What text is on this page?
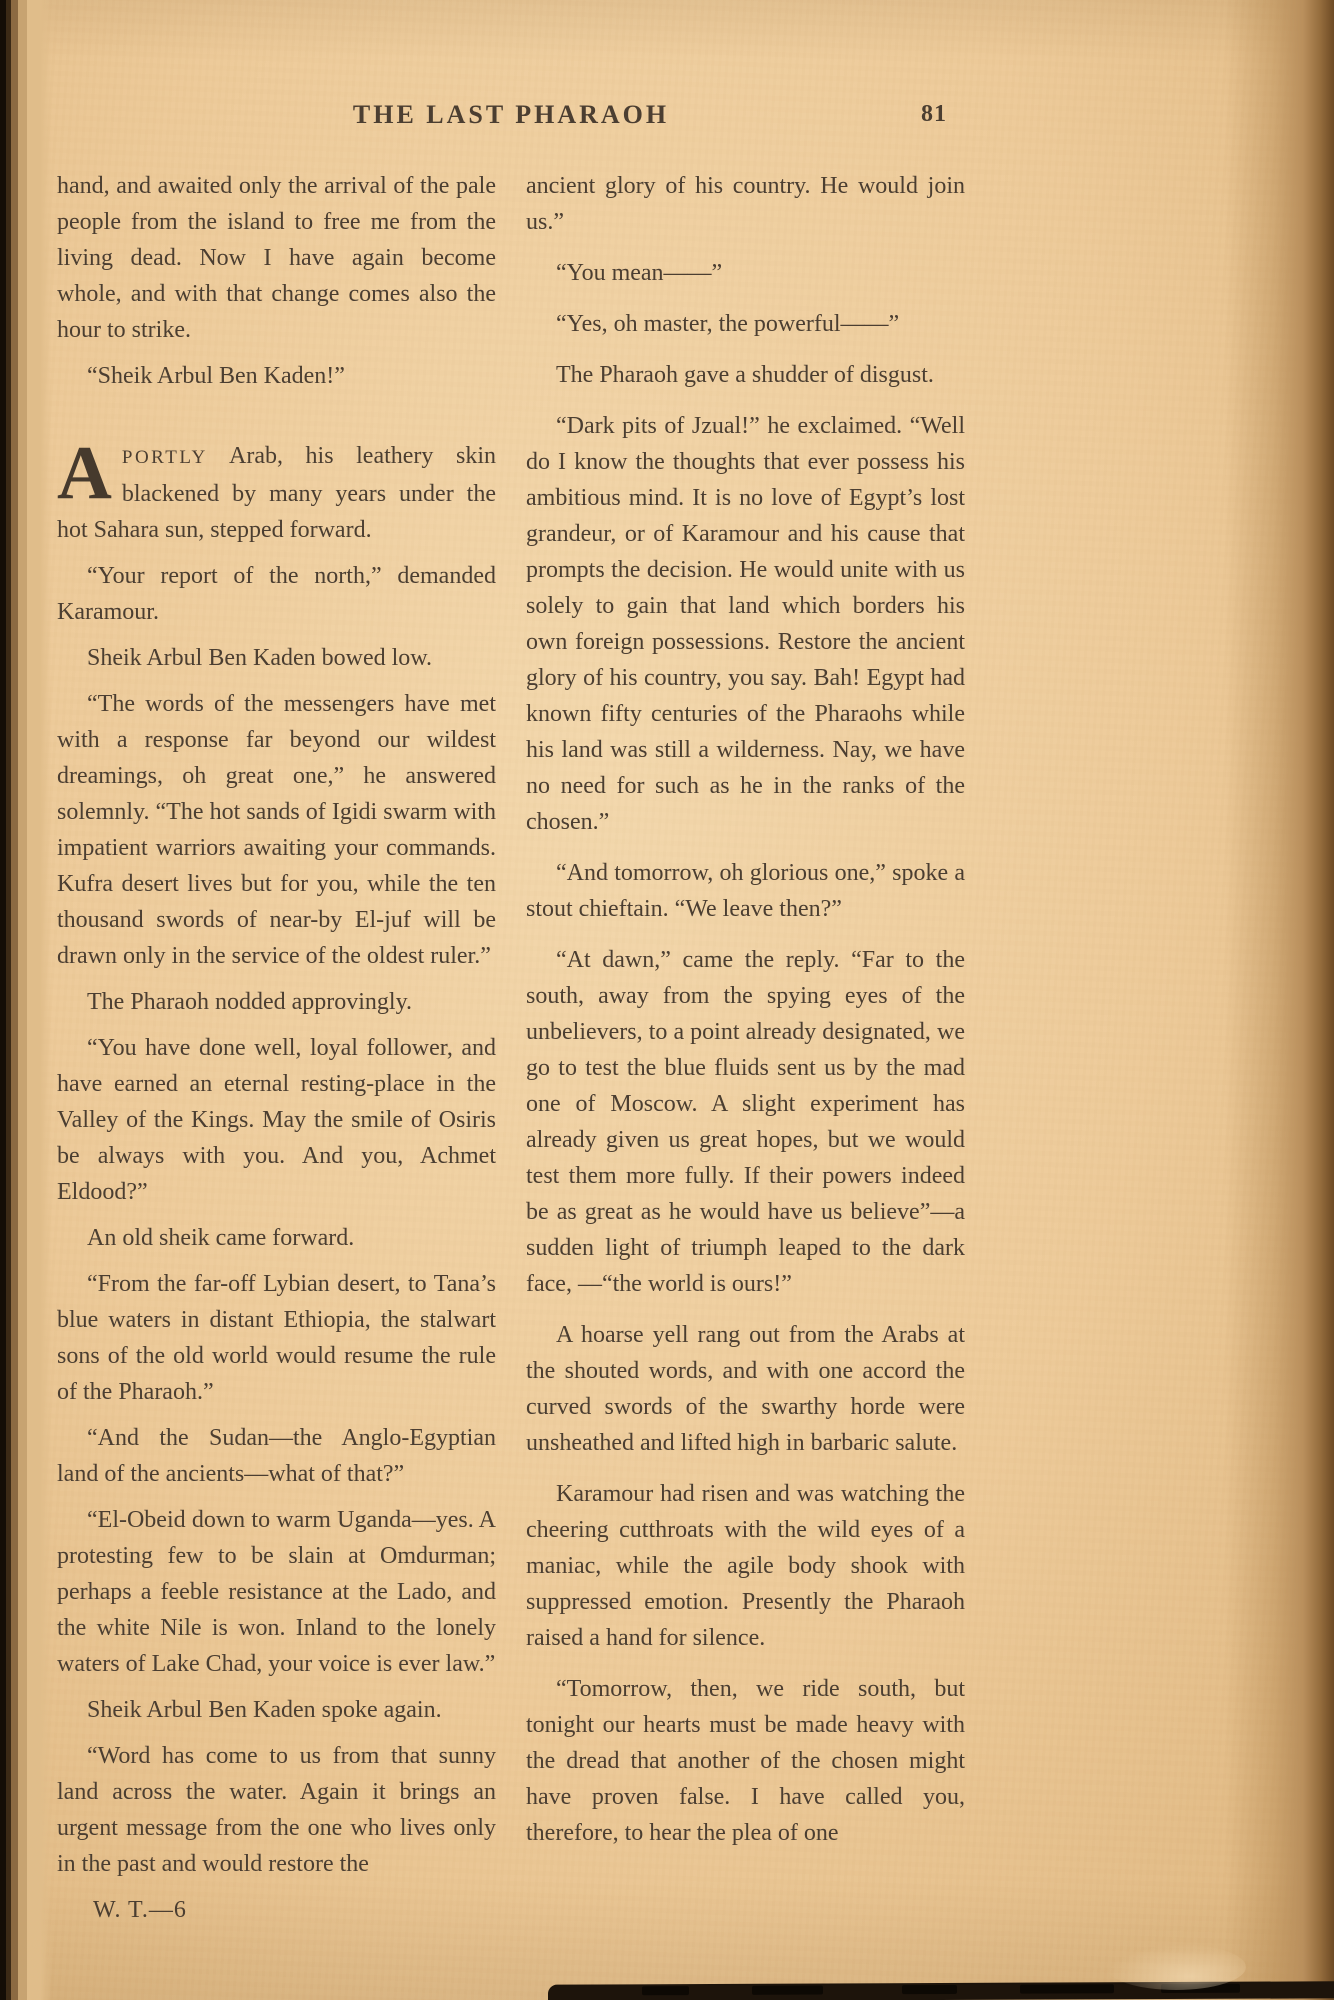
THE LAST PHARAOH	81

hand, and awaited only the arrival of the pale people from the island to free me from the living dead. Now I have again become whole, and with that change comes also the hour to strike.

“Sheik Arbul Ben Kaden!”

APORTLY Arab, his leathery skin blackened by many years under the hot Sahara sun, stepped forward.

“Your report of the north,” demanded Karamour.

Sheik Arbul Ben Kaden bowed low.

“The words of the messengers have met with a response far beyond our wildest dreamings, oh great one,” he answered solemnly. “The hot sands of Igidi swarm with impatient warriors awaiting your commands. Kufra desert lives but for you, while the ten thousand swords of near-by El-juf will be drawn only in the service of the oldest ruler.”

The Pharaoh nodded approvingly.

“You have done well, loyal follower, and have earned an eternal resting-place in the Valley of the Kings. May the smile of Osiris be always with you. And you, Achmet Eldood?”

An old sheik came forward.

“From the far-off Lybian desert, to Tana’s blue waters in distant Ethiopia, the stalwart sons of the old world would resume the rule of the Pharaoh.”

“And the Sudan—the Anglo-Egyptian land of the ancients—what of that?”

“El-Obeid down to warm Uganda—yes. A protesting few to be slain at Omdurman; perhaps a feeble resistance at the Lado, and the white Nile is won. Inland to the lonely waters of Lake Chad, your voice is ever law.”

Sheik Arbul Ben Kaden spoke again.

“Word has come to us from that sunny land across the water. Again it brings an urgent message from the one who lives only in the past and would restore the

W. T.—6

ancient glory of his country. He would join us.”

“You mean——”

“Yes, oh master, the powerful——”

The Pharaoh gave a shudder of disgust.

“Dark pits of Jzual!” he exclaimed. “Well do I know the thoughts that ever possess his ambitious mind. It is no love of Egypt’s lost grandeur, or of Karamour and his cause that prompts the decision. He would unite with us solely to gain that land which borders his own foreign possessions. Restore the ancient glory of his country, you say. Bah! Egypt had known fifty centuries of the Pharaohs while his land was still a wilderness. Nay, we have no need for such as he in the ranks of the chosen.”

“And tomorrow, oh glorious one,” spoke a stout chieftain. “We leave then?”

“At dawn,” came the reply. “Far to the south, away from the spying eyes of the unbelievers, to a point already designated, we go to test the blue fluids sent us by the mad one of Moscow. A slight experiment has already given us great hopes, but we would test them more fully. If their powers indeed be as great as he would have us believe”—a sudden light of triumph leaped to the dark face, —“the world is ours!”

A hoarse yell rang out from the Arabs at the shouted words, and with one accord the curved swords of the swarthy horde were unsheathed and lifted high in barbaric salute.

Karamour had risen and was watching the cheering cutthroats with the wild eyes of a maniac, while the agile body shook with suppressed emotion. Presently the Pharaoh raised a hand for silence.

“Tomorrow, then, we ride south, but tonight our hearts must be made heavy with the dread that another of the chosen might have proven false. I have called you, therefore, to hear the plea of one
